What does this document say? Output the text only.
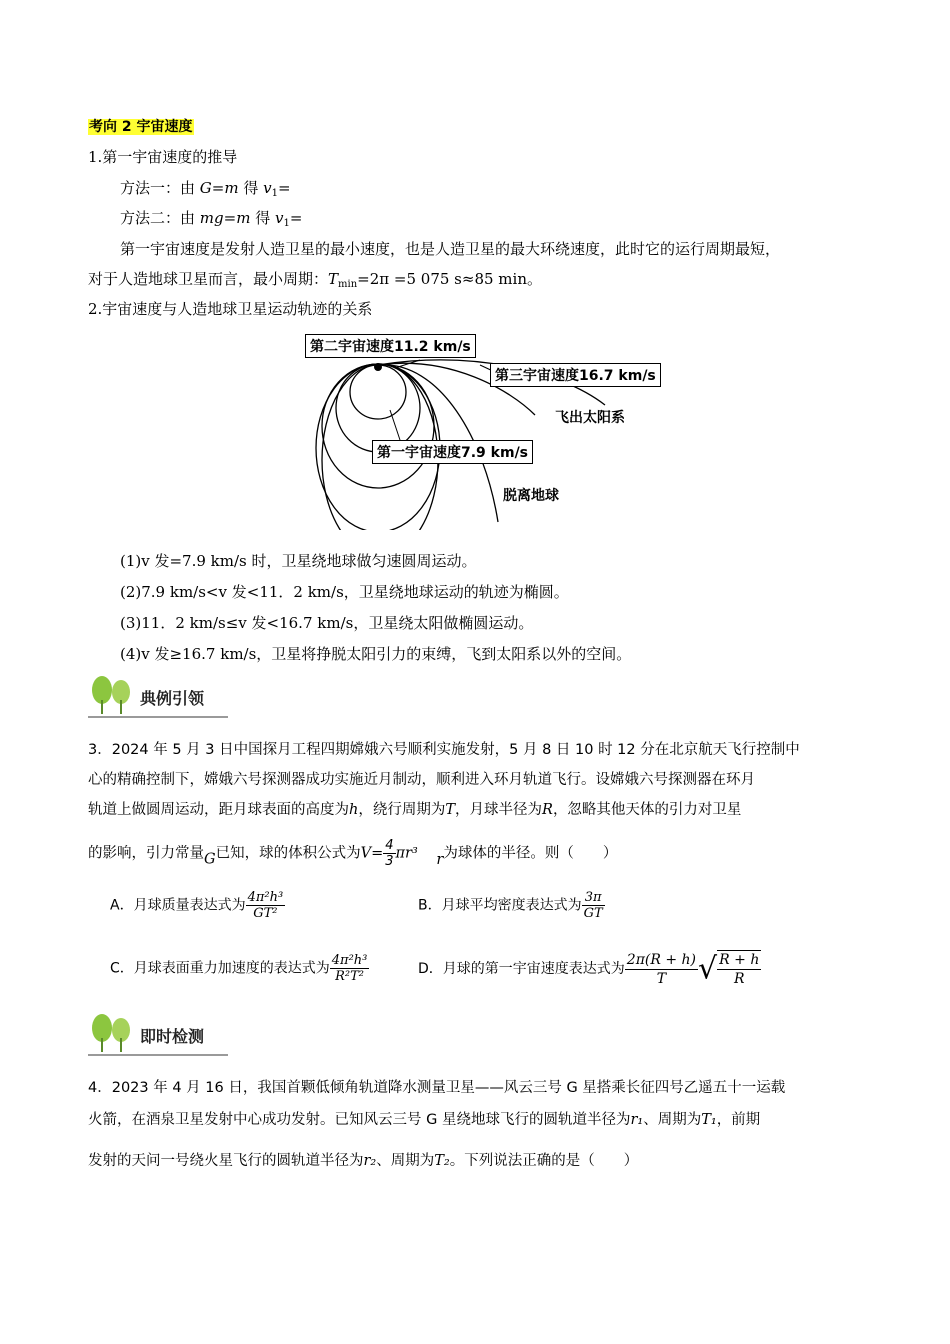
考向 2 宇宙速度
1.第一宇宙速度的推导
方法一：由 G=m 得 $v_1=$
方法二：由 mg=m 得 $v_1=$
第一宇宙速度是发射人造卫星的最小速度，也是人造卫星的最大环绕速度，此时它的运行周期最短，
对于人造地球卫星而言，最小周期：$T_{min}=2\pi =5$ 075 s≈85 min。
2.宇宙速度与人造地球卫星运动轨迹的关系
第二宇宙速度11.2 km/s
第三宇宙速度16.7 km/s
第一宇宙速度7.9 km/s
飞出太阳系
脱离地球
(1)v 发=7.9 km/s 时，卫星绕地球做匀速圆周运动。
(2)7.9 km/s<v 发<11．2 km/s，卫星绕地球运动的轨迹为椭圆。
(3)11．2 km/s≤v 发<16.7 km/s，卫星绕太阳做椭圆运动。
(4)v 发≥16.7 km/s，卫星将挣脱太阳引力的束缚，飞到太阳系以外的空间。
典例引领
3．2024 年 5 月 3 日中国探月工程四期嫦娥六号顺利实施发射，5 月 8 日 10 时 12 分在北京航天飞行控制中
心的精确控制下，嫦娥六号探测器成功实施近月制动，顺利进入环月轨道飞行。设嫦娥六号探测器在环月
轨道上做圆周运动，距月球表面的高度为h，绕行周期为T，月球半径为R，忽略其他天体的引力对卫星
的影响，引力常量G已知，球的体积公式为$V= \frac{4}{3} \pi r^3$ r为球体的半径。则（　　）
A．月球质量表达式为 $\frac{\text{4π²h³}}{\text{GT²}}$	B．月球平均密度表达式为 $\frac{3\pi}{GT}$
C．月球表面重力加速度的表达式为 $\frac{\text{4π²h³}}{\text{R²T²}}$	D．月球的第一宇宙速度表达式为 $\frac{2\pi(R + h)}{T}$ √ $\frac{R + h}{R}$
即时检测
4．2023 年 4 月 16 日，我国首颗低倾角轨道降水测量卫星——风云三号 G 星搭乘长征四号乙遥五十一运载
火箭，在酒泉卫星发射中心成功发射。已知风云三号 G 星绕地球飞行的圆轨道半径为r₁、周期为T₁，前期
发射的天问一号绕火星飞行的圆轨道半径为r₂、周期为T₂。下列说法正确的是（　　）
